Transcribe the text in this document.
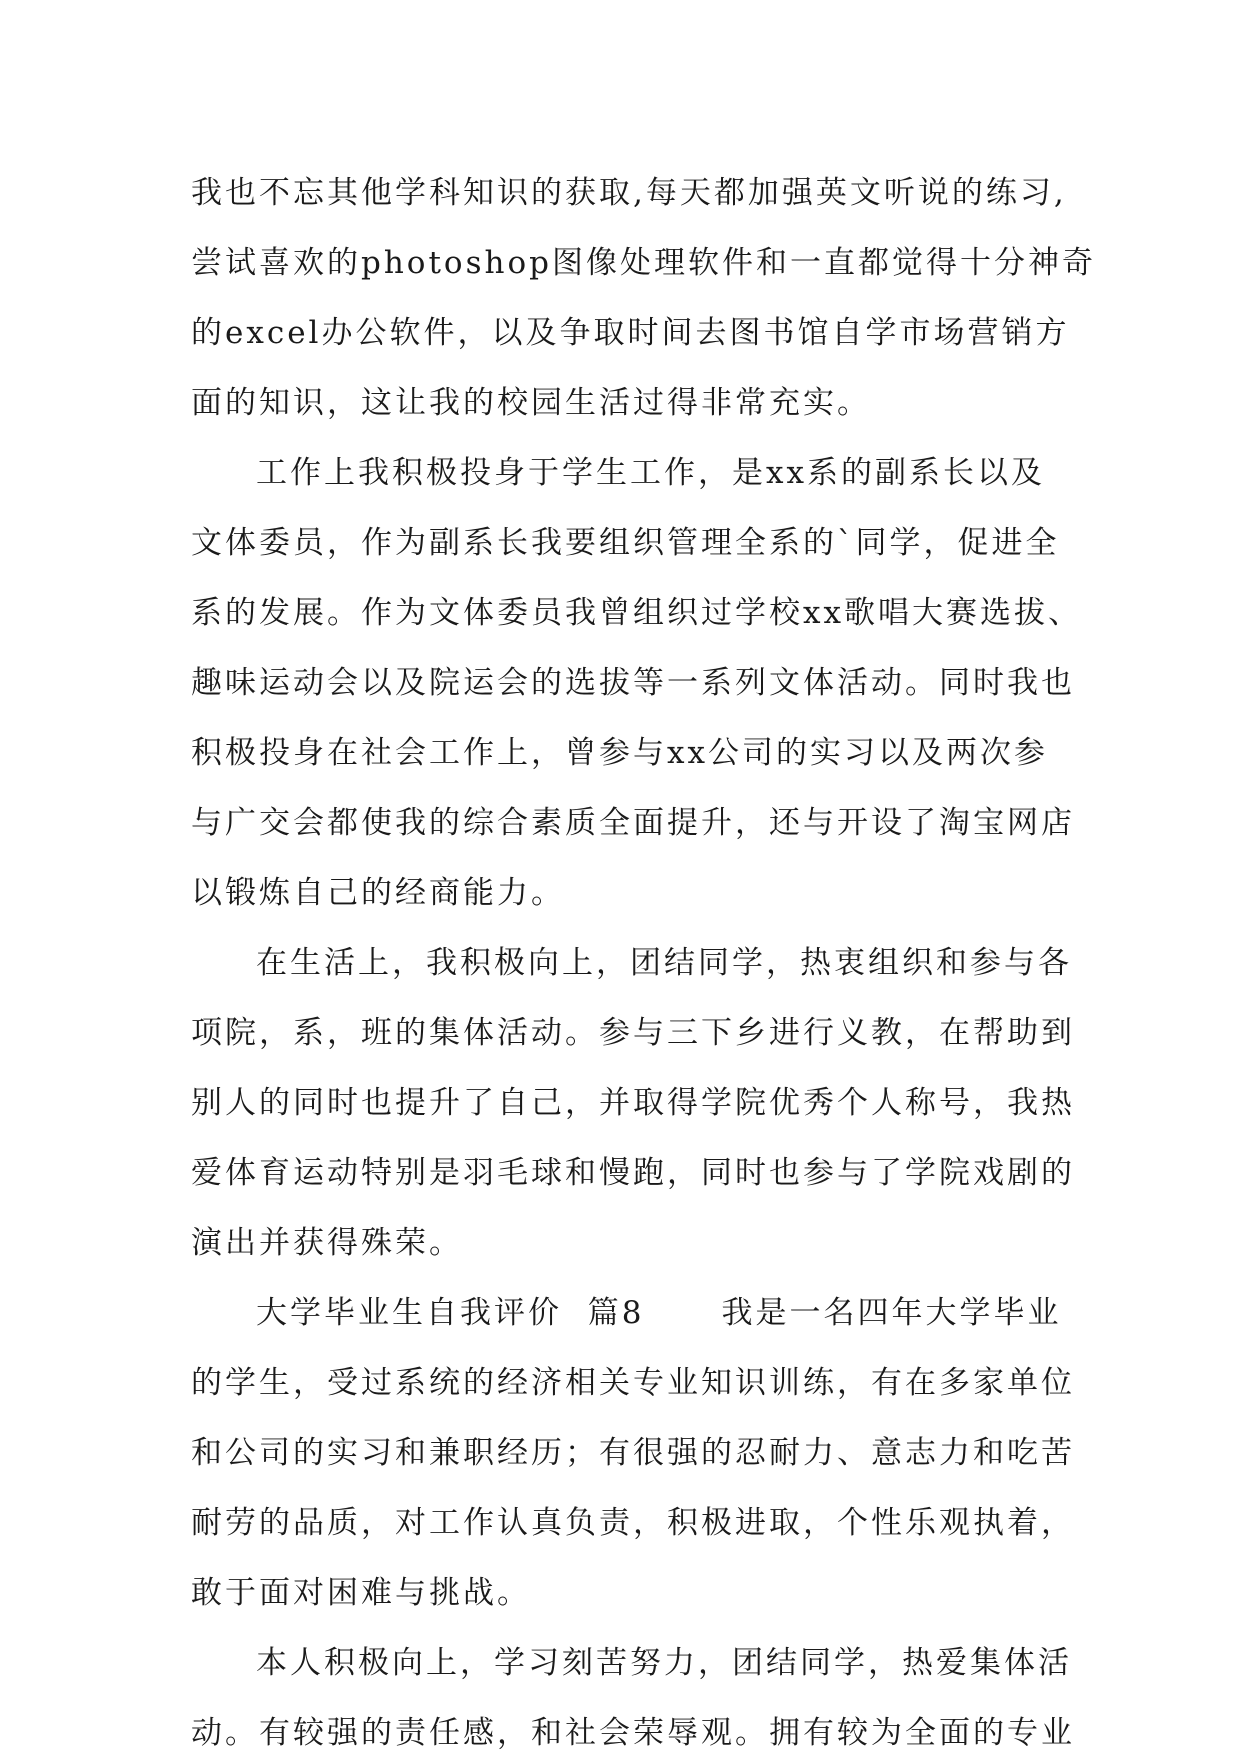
我也不忘其他学科知识的获取,每天都加强英文听说的练习,
尝试喜欢的photoshop图像处理软件和一直都觉得十分神奇
的excel办公软件，以及争取时间去图书馆自学市场营销方
面的知识，这让我的校园生活过得非常充实。
工作上我积极投身于学生工作，是xx系的副系长以及
文体委员，作为副系长我要组织管理全系的`同学，促进全
系的发展。作为文体委员我曾组织过学校xx歌唱大赛选拔、
趣味运动会以及院运会的选拔等一系列文体活动。同时我也
积极投身在社会工作上，曾参与xx公司的实习以及两次参
与广交会都使我的综合素质全面提升，还与开设了淘宝网店
以锻炼自己的经商能力。
在生活上，我积极向上，团结同学，热衷组织和参与各
项院，系，班的集体活动。参与三下乡进行义教，在帮助到
别人的同时也提升了自己，并取得学院优秀个人称号，我热
爱体育运动特别是羽毛球和慢跑，同时也参与了学院戏剧的
演出并获得殊荣。
大学毕业生自我评价  篇8      我是一名四年大学毕业
的学生，受过系统的经济相关专业知识训练，有在多家单位
和公司的实习和兼职经历；有很强的忍耐力、意志力和吃苦
耐劳的品质，对工作认真负责，积极进取，个性乐观执着，
敢于面对困难与挑战。
本人积极向上，学习刻苦努力，团结同学，热爱集体活
动。有较强的责任感，和社会荣辱观。拥有较为全面的专业
